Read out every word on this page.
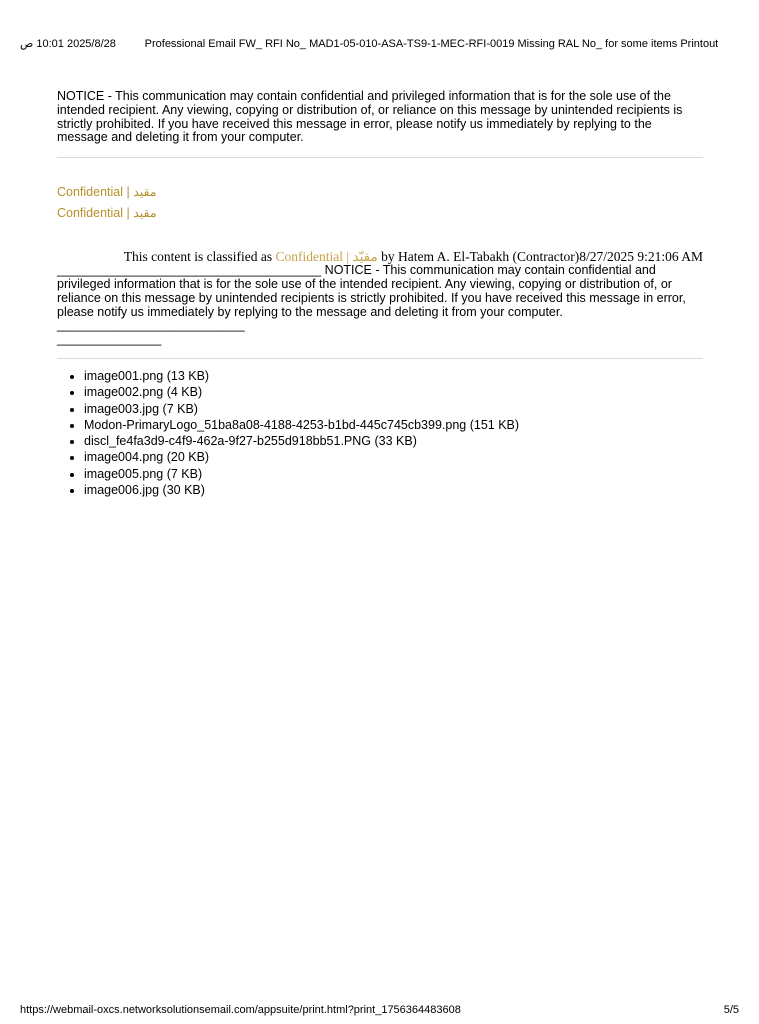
2025/8/28 10:01 ص	Professional Email FW_ RFI No_ MAD1-05-010-ASA-TS9-1-MEC-RFI-0019 Missing RAL No_ for some items Printout

NOTICE - This communication may contain confidential and privileged information that is for the sole use of the intended recipient. Any viewing, copying or distribution of, or reliance on this message by unintended recipients is strictly prohibited. If you have received this message in error, please notify us immediately by replying to the message and deleting it from your computer.

Confidential | مقيد

Confidential | مقيد

This content is classified as Confidential | مقيّد by Hatem A. El-Tabakh (Contractor)8/27/2025 9:21:06 AM

______________________________________ NOTICE - This communication may contain confidential and privileged information that is for the sole use of the intended recipient. Any viewing, copying or distribution of, or reliance on this message by unintended recipients is strictly prohibited. If you have received this message in error, please notify us immediately by replying to the message and deleting it from your computer. ___________________________
_______________

• image001.png (13 KB)
• image002.png (4 KB)
• image003.jpg (7 KB)
• Modon-PrimaryLogo_51ba8a08-4188-4253-b1bd-445c745cb399.png (151 KB)
• discl_fe4fa3d9-c4f9-462a-9f27-b255d918bb51.PNG (33 KB)
• image004.png (20 KB)
• image005.png (7 KB)
• image006.jpg (30 KB)
https://webmail-oxcs.networksolutionsemail.com/appsuite/print.html?print_1756364483608	5/5
